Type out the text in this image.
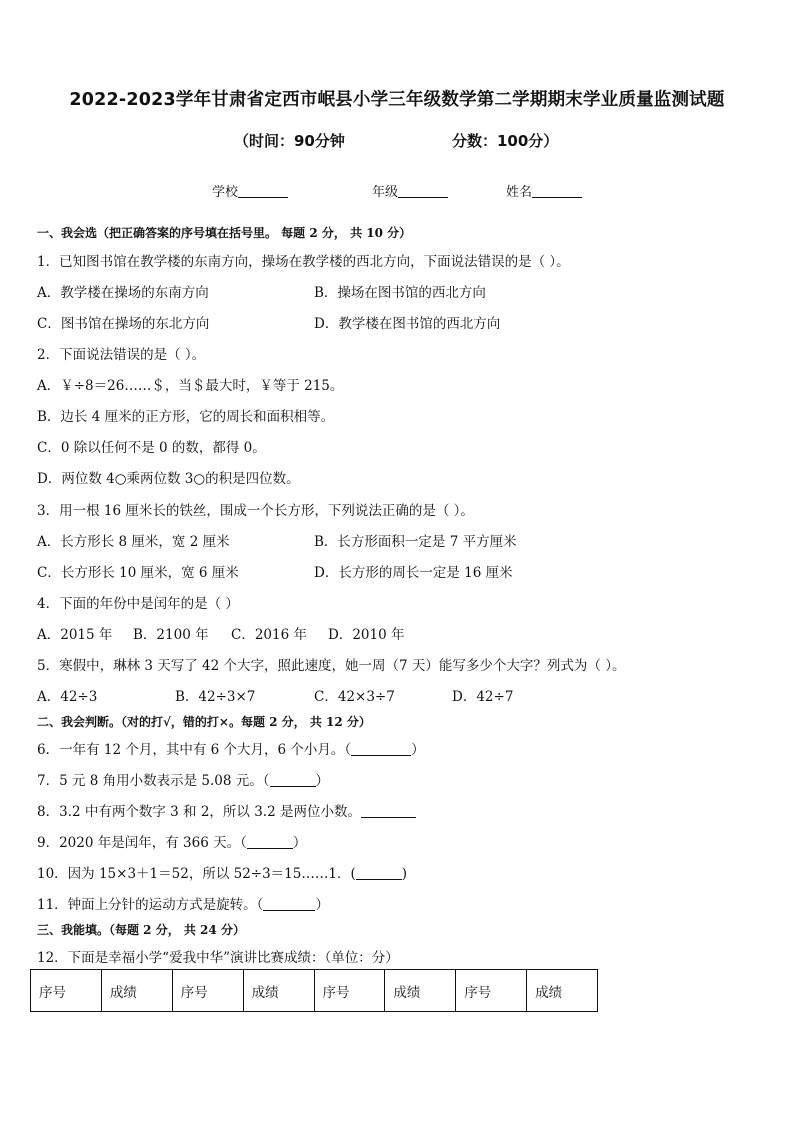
2022-2023学年甘肃省定西市岷县小学三年级数学第二学期期末学业质量监测试题
（时间：90分钟	分数：100分）
学校	年级	姓名
一、我会选（把正确答案的序号填在括号里。 每题 2 分， 共 10 分）
1．已知图书馆在教学楼的东南方向，操场在教学楼的西北方向，下面说法错误的是（ ）。
A．教学楼在操场的东南方向	B．操场在图书馆的西北方向
C．图书馆在操场的东北方向	D．教学楼在图书馆的西北方向
2．下面说法错误的是（ ）。
A．￥÷8＝26……＄，当＄最大时，￥等于 215。
B．边长 4 厘米的正方形，它的周长和面积相等。
C．0 除以任何不是 0 的数，都得 0。
D．两位数 4○乘两位数 3○的积是四位数。
3．用一根 16 厘米长的铁丝，围成一个长方形，下列说法正确的是（ ）。
A．长方形长 8 厘米，宽 2 厘米	B．长方形面积一定是 7 平方厘米
C．长方形长 10 厘米，宽 6 厘米	D．长方形的周长一定是 16 厘米
4．下面的年份中是闰年的是（ ）
A．2015 年 B．2100 年 C．2016 年 D．2010 年
5．寒假中，琳林 3 天写了 42 个大字，照此速度，她一周（7 天）能写多少个大字？列式为（ ）。
A．42÷3	B．42÷3×7	C．42×3÷7	D．42÷7
二、我会判断。（对的打√，错的打×。每题 2 分， 共 12 分）
6．一年有 12 个月，其中有 6 个大月，6 个小月。（	）
7．5 元 8 角用小数表示是 5.08 元。（	）
8．3.2 中有两个数字 3 和 2，所以 3.2 是两位小数。
9．2020 年是闰年，有 366 天。（	）
10．因为 15×3＋1＝52，所以 52÷3＝15……1．(	)
11．钟面上分针的运动方式是旋转。（	）
三、我能填。（每题 2 分， 共 24 分）
12．下面是幸福小学“爱我中华”演讲比赛成绩：（单位：分）
序号	成绩	序号	成绩	序号	成绩	序号	成绩
